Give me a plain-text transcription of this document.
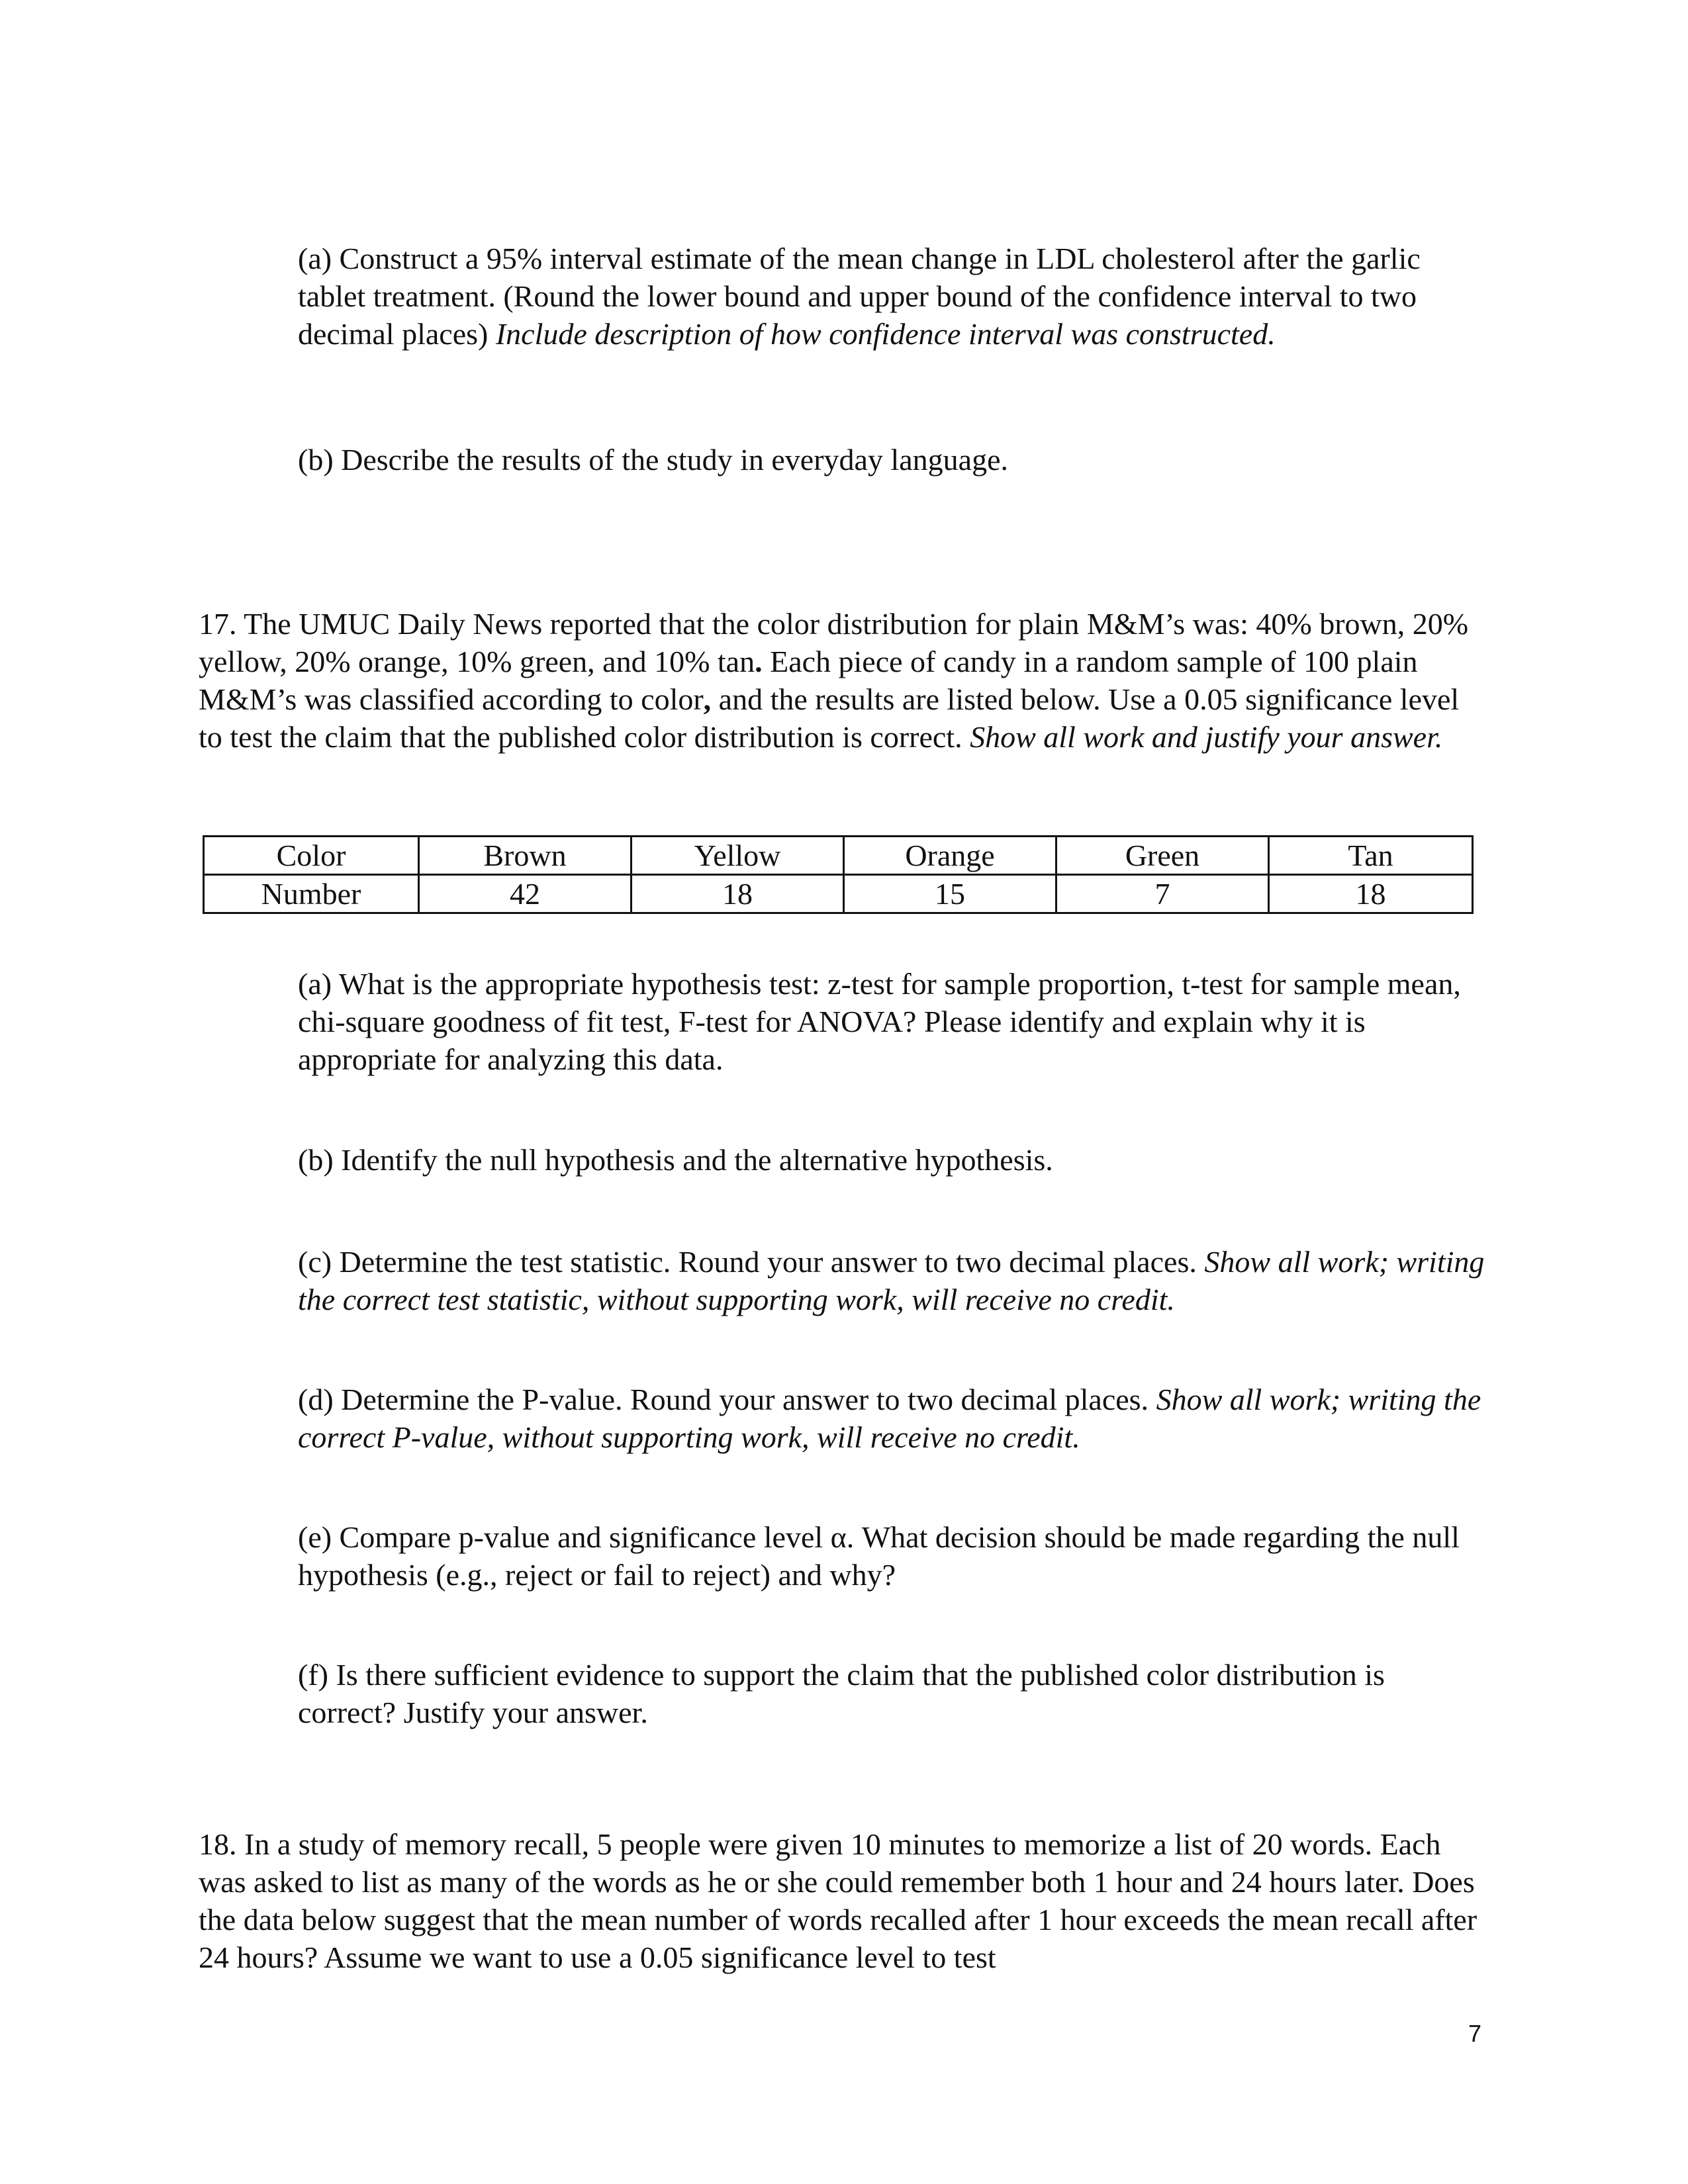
(a) Construct a 95% interval estimate of the mean change in LDL cholesterol after the garlic tablet treatment. (Round the lower bound and upper bound of the confidence interval to two decimal places) Include description of how confidence interval was constructed.

(b) Describe the results of the study in everyday language.

17. The UMUC Daily News reported that the color distribution for plain M&M’s was: 40% brown, 20% yellow, 20% orange, 10% green, and 10% tan. Each piece of candy in a random sample of 100 plain M&M’s was classified according to color, and the results are listed below. Use a 0.05 significance level to test the claim that the published color distribution is correct. Show all work and justify your answer.

Color	Brown	Yellow	Orange	Green	Tan
Number	42	18	15	7	18

(a) What is the appropriate hypothesis test: z-test for sample proportion, t-test for sample mean, chi-square goodness of fit test, F-test for ANOVA? Please identify and explain why it is appropriate for analyzing this data.

(b) Identify the null hypothesis and the alternative hypothesis.

(c) Determine the test statistic. Round your answer to two decimal places. Show all work; writing the correct test statistic, without supporting work, will receive no credit.

(d) Determine the P-value. Round your answer to two decimal places. Show all work; writing the correct P-value, without supporting work, will receive no credit.

(e) Compare p-value and significance level α. What decision should be made regarding the null hypothesis (e.g., reject or fail to reject) and why?

(f) Is there sufficient evidence to support the claim that the published color distribution is correct? Justify your answer.

18. In a study of memory recall, 5 people were given 10 minutes to memorize a list of 20 words. Each was asked to list as many of the words as he or she could remember both 1 hour and 24 hours later. Does the data below suggest that the mean number of words recalled after 1 hour exceeds the mean recall after 24 hours? Assume we want to use a 0.05 significance level to test

7
